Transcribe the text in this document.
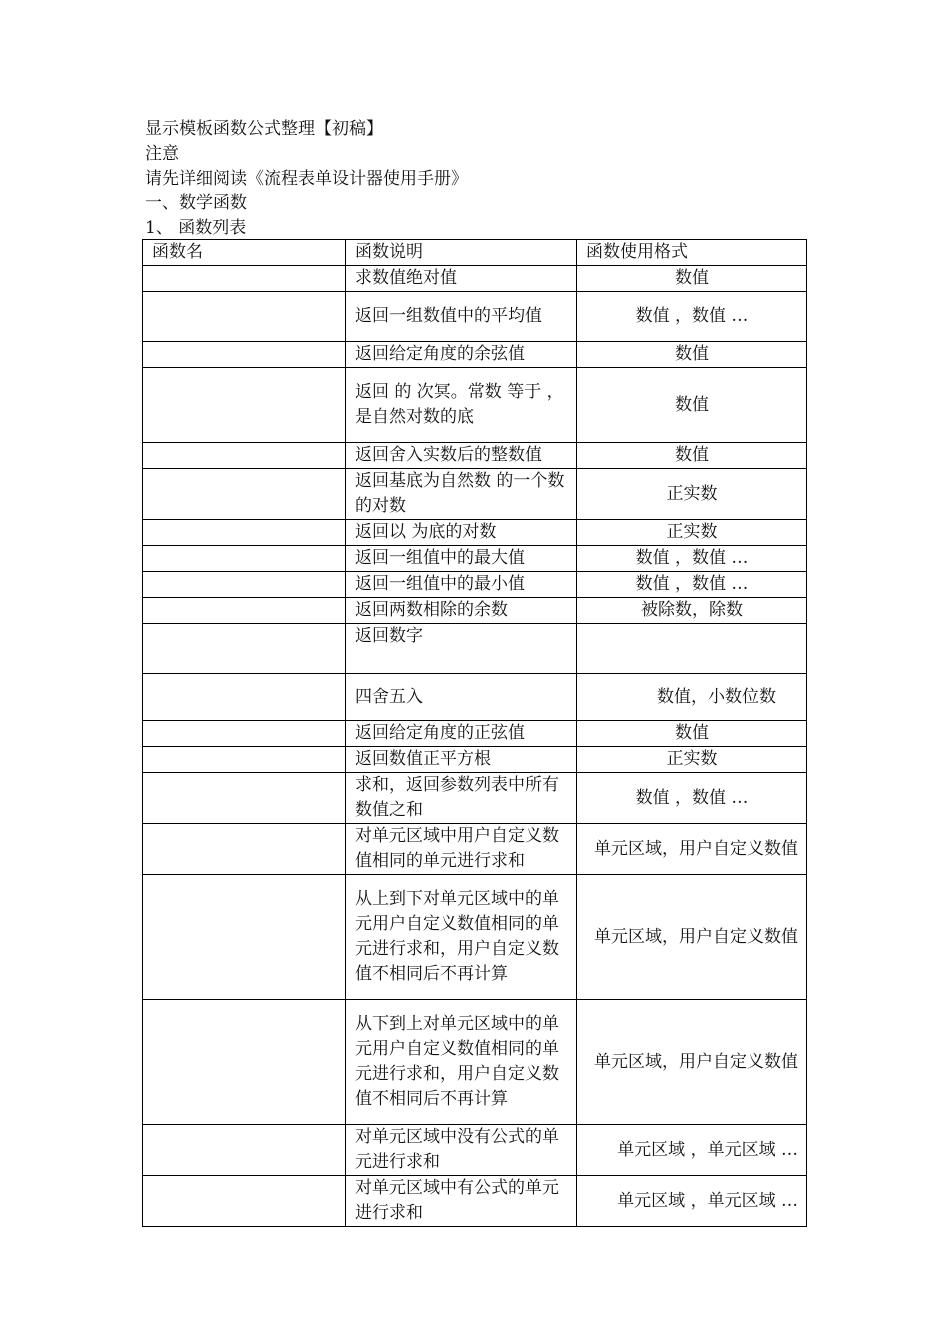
显示模板函数公式整理【初稿】
注意
请先详细阅读《流程表单设计器使用手册》
一、数学函数
1、 函数列表
函数名	函数说明	函数使用格式
	求数值绝对值	数值
	返回一组数值中的平均值	数值 ，数值 …
	返回给定角度的余弦值	数值
	返回 的 次冥。常数 等于 ， 是自然对数的底	数值
	返回舍入实数后的整数值	数值
	返回基底为自然数 的一个数的对数	正实数
	返回以 为底的对数	正实数
	返回一组值中的最大值	数值 ，数值 …
	返回一组值中的最小值	数值 ，数值 …
	返回两数相除的余数	被除数，除数
	返回数字	
	四舍五入	数值，小数位数
	返回给定角度的正弦值	数值
	返回数值正平方根	正实数
	求和，返回参数列表中所有数值之和	数值 ，数值 …
	对单元区域中用户自定义数值相同的单元进行求和	单元区域，用户自定义数值
	从上到下对单元区域中的单元用户自定义数值相同的单元进行求和，用户自定义数值不相同后不再计算	单元区域，用户自定义数值
	从下到上对单元区域中的单元用户自定义数值相同的单元进行求和，用户自定义数值不相同后不再计算	单元区域，用户自定义数值
	对单元区域中没有公式的单元进行求和	单元区域 ，单元区域 …
	对单元区域中有公式的单元进行求和	单元区域 ，单元区域 …
